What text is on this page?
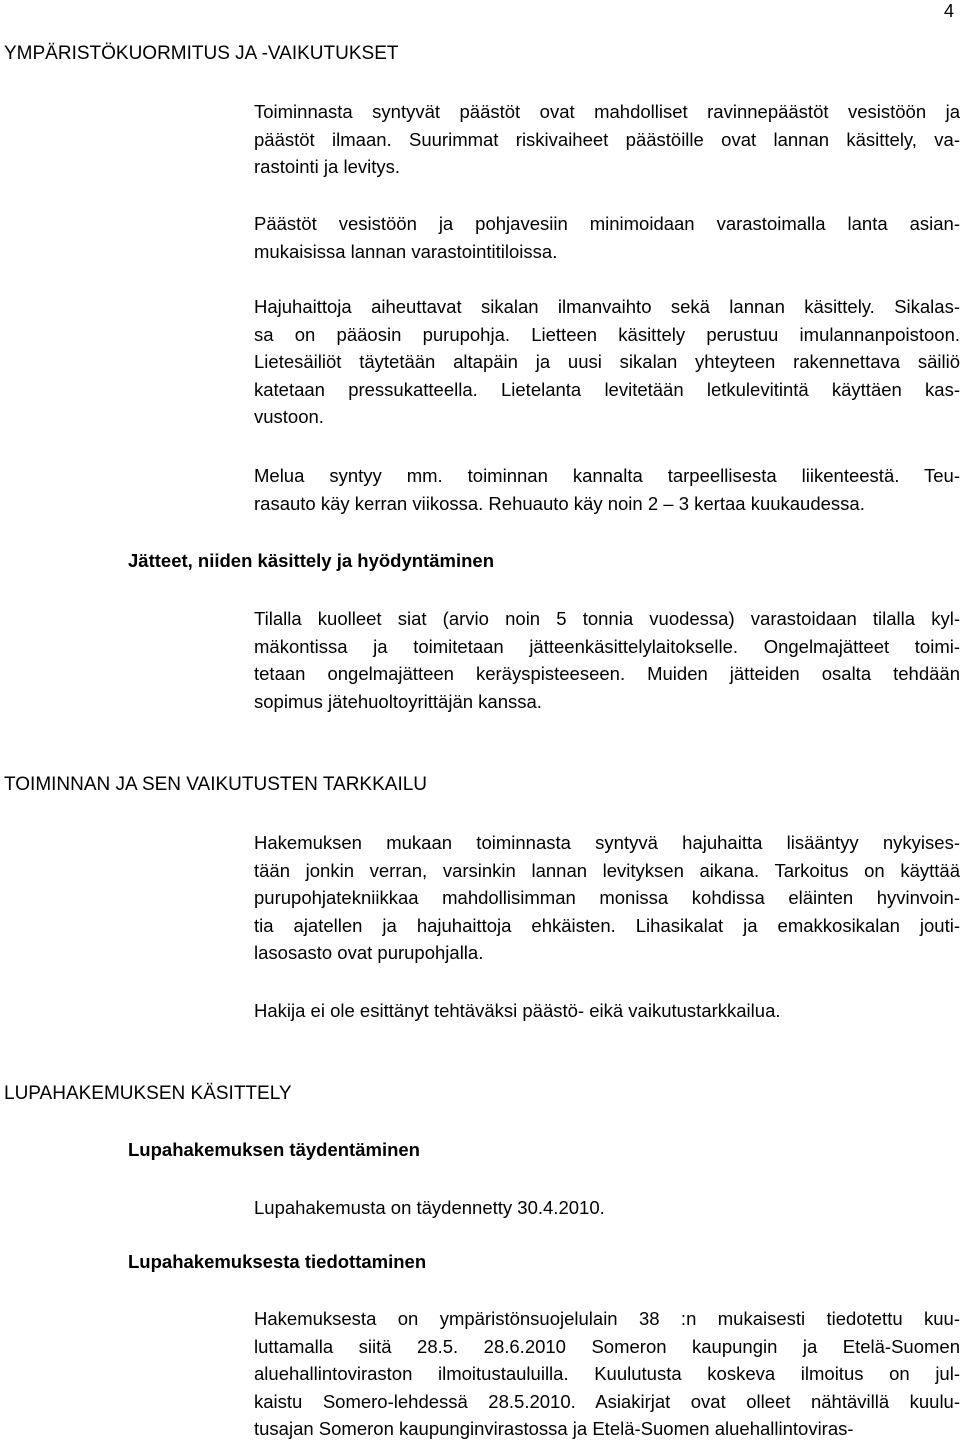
4
YMPÄRISTÖKUORMITUS JA -VAIKUTUKSET
Toiminnasta syntyvät päästöt ovat mahdolliset ravinnepäästöt vesistöön ja
päästöt ilmaan. Suurimmat riskivaiheet päästöille ovat lannan käsittely, va-
rastointi ja levitys.
Päästöt vesistöön ja pohjavesiin minimoidaan varastoimalla lanta asian-
mukaisissa lannan varastointitiloissa.
Hajuhaittoja aiheuttavat sikalan ilmanvaihto sekä lannan käsittely. Sikalas-
sa on pääosin purupohja. Lietteen käsittely perustuu imulannanpoistoon.
Lietesäiliöt täytetään altapäin ja uusi sikalan yhteyteen rakennettava säiliö
katetaan pressukatteella. Lietelanta levitetään letkulevitintä käyttäen kas-
vustoon.
Melua syntyy mm. toiminnan kannalta tarpeellisesta liikenteestä. Teu-
rasauto käy kerran viikossa. Rehuauto käy noin 2 – 3 kertaa kuukaudessa.
Jätteet, niiden käsittely ja hyödyntäminen
Tilalla kuolleet siat (arvio noin 5 tonnia vuodessa) varastoidaan tilalla kyl-
mäkontissa ja toimitetaan jätteenkäsittelylaitokselle. Ongelmajätteet toimi-
tetaan ongelmajätteen keräyspisteeseen. Muiden jätteiden osalta tehdään
sopimus jätehuoltoyrittäjän kanssa.
TOIMINNAN JA SEN VAIKUTUSTEN TARKKAILU
Hakemuksen mukaan toiminnasta syntyvä hajuhaitta lisääntyy nykyises-
tään jonkin verran, varsinkin lannan levityksen aikana. Tarkoitus on käyttää
purupohjatekniikkaa mahdollisimman monissa kohdissa eläinten hyvinvoin-
tia ajatellen ja hajuhaittoja ehkäisten. Lihasikalat ja emakkosikalan jouti-
lasosasto ovat purupohjalla.
Hakija ei ole esittänyt tehtäväksi päästö- eikä vaikutustarkkailua.
LUPAHAKEMUKSEN KÄSITTELY
Lupahakemuksen täydentäminen
Lupahakemusta on täydennetty 30.4.2010.
Lupahakemuksesta tiedottaminen
Hakemuksesta on ympäristönsuojelulain 38 :n mukaisesti tiedotettu kuu-
luttamalla siitä 28.5. 28.6.2010 Someron kaupungin ja Etelä-Suomen
aluehallintoviraston ilmoitustauluilla. Kuulutusta koskeva ilmoitus on jul-
kaistu Somero-lehdessä 28.5.2010. Asiakirjat ovat olleet nähtävillä kuulu-
tusajan Someron kaupunginvirastossa ja Etelä-Suomen aluehallintoviras-
